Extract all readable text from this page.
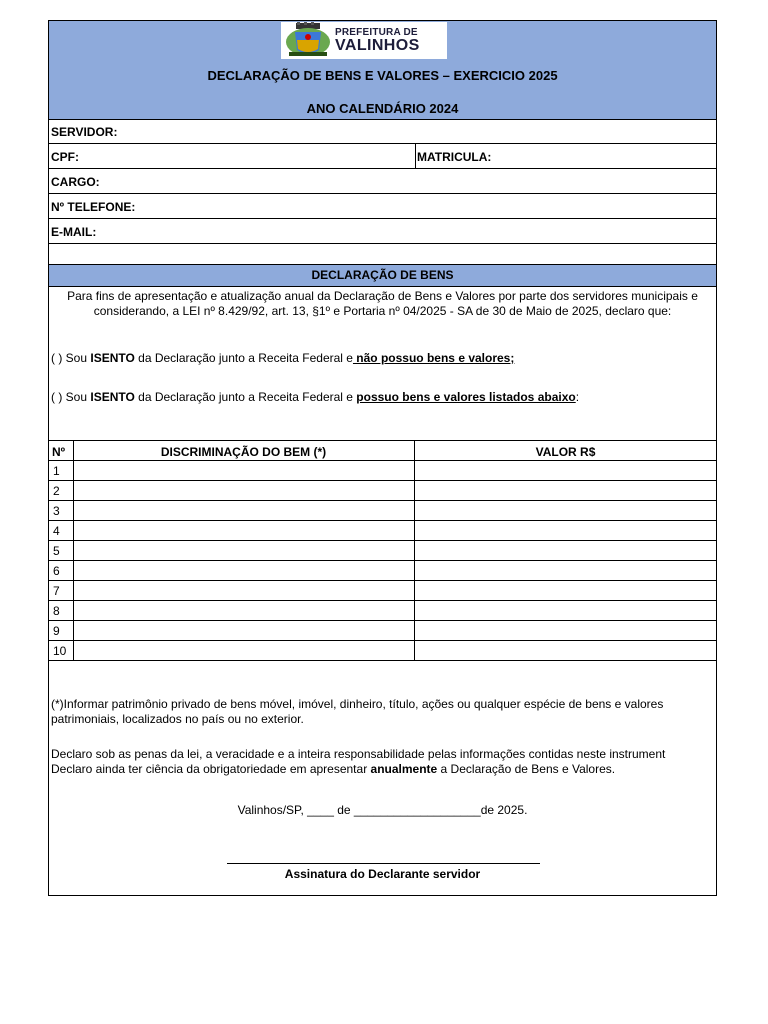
PREFEITURA DE
VALINHOS
DECLARAÇÃO DE BENS E VALORES – EXERCICIO 2025
ANO CALENDÁRIO 2024
SERVIDOR:
CPF:	MATRICULA:
CARGO:
Nº TELEFONE:
E-MAIL:
DECLARAÇÃO DE BENS
Para fins de apresentação e atualização anual da Declaração de Bens e Valores por parte dos servidores municipais e considerando, a LEI nº 8.429/92, art. 13, §1º e Portaria nº 04/2025 - SA de 30 de Maio de 2025, declaro que:
( ) Sou ISENTO da Declaração junto a Receita Federal e não possuo bens e valores;
( ) Sou ISENTO da Declaração junto a Receita Federal e possuo bens e valores listados abaixo:
Nº	DISCRIMINAÇÃO DO BEM (*)	VALOR R$
1
2
3
4
5
6
7
8
9
10
(*)Informar patrimônio privado de bens móvel, imóvel, dinheiro, título, ações ou qualquer espécie de bens e valores patrimoniais, localizados no país ou no exterior.
Declaro sob as penas da lei, a veracidade e a inteira responsabilidade pelas informações contidas neste instrument
Declaro ainda ter ciência da obrigatoriedade em apresentar anualmente a Declaração de Bens e Valores.
Valinhos/SP, ____ de ___________________de 2025.
Assinatura do Declarante servidor
